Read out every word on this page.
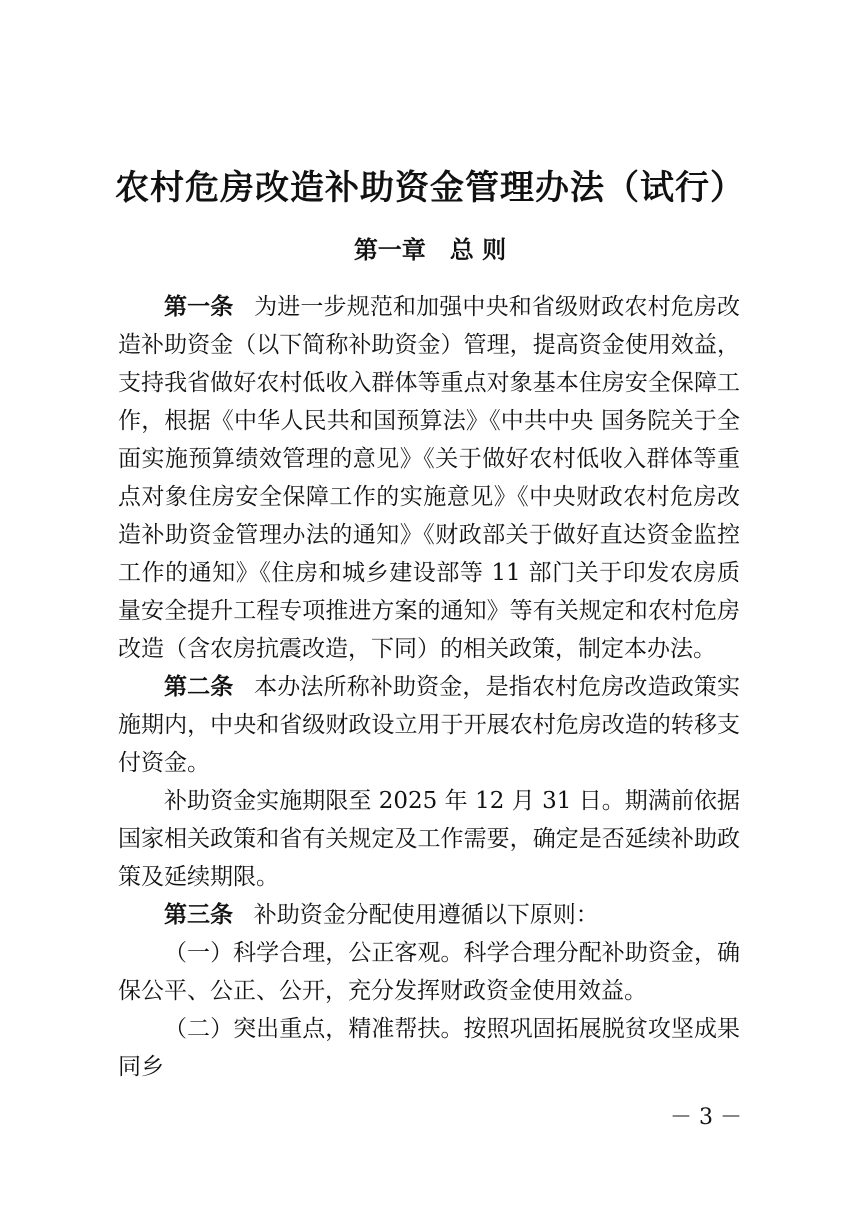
农村危房改造补助资金管理办法（试行）
第一章　总 则

第一条 为进一步规范和加强中央和省级财政农村危房改造补助资金（以下简称补助资金）管理，提高资金使用效益，支持我省做好农村低收入群体等重点对象基本住房安全保障工作，根据《中华人民共和国预算法》《中共中央 国务院关于全面实施预算绩效管理的意见》《关于做好农村低收入群体等重点对象住房安全保障工作的实施意见》《中央财政农村危房改造补助资金管理办法的通知》《财政部关于做好直达资金监控工作的通知》《住房和城乡建设部等 11 部门关于印发农房质量安全提升工程专项推进方案的通知》等有关规定和农村危房改造（含农房抗震改造，下同）的相关政策，制定本办法。

第二条 本办法所称补助资金，是指农村危房改造政策实施期内，中央和省级财政设立用于开展农村危房改造的转移支付资金。

补助资金实施期限至 2025 年 12 月 31 日。期满前依据国家相关政策和省有关规定及工作需要，确定是否延续补助政策及延续期限。

第三条 补助资金分配使用遵循以下原则：

（一）科学合理，公正客观。科学合理分配补助资金，确保公平、公正、公开，充分发挥财政资金使用效益。

（二）突出重点，精准帮扶。按照巩固拓展脱贫攻坚成果同乡

－ 3 －
